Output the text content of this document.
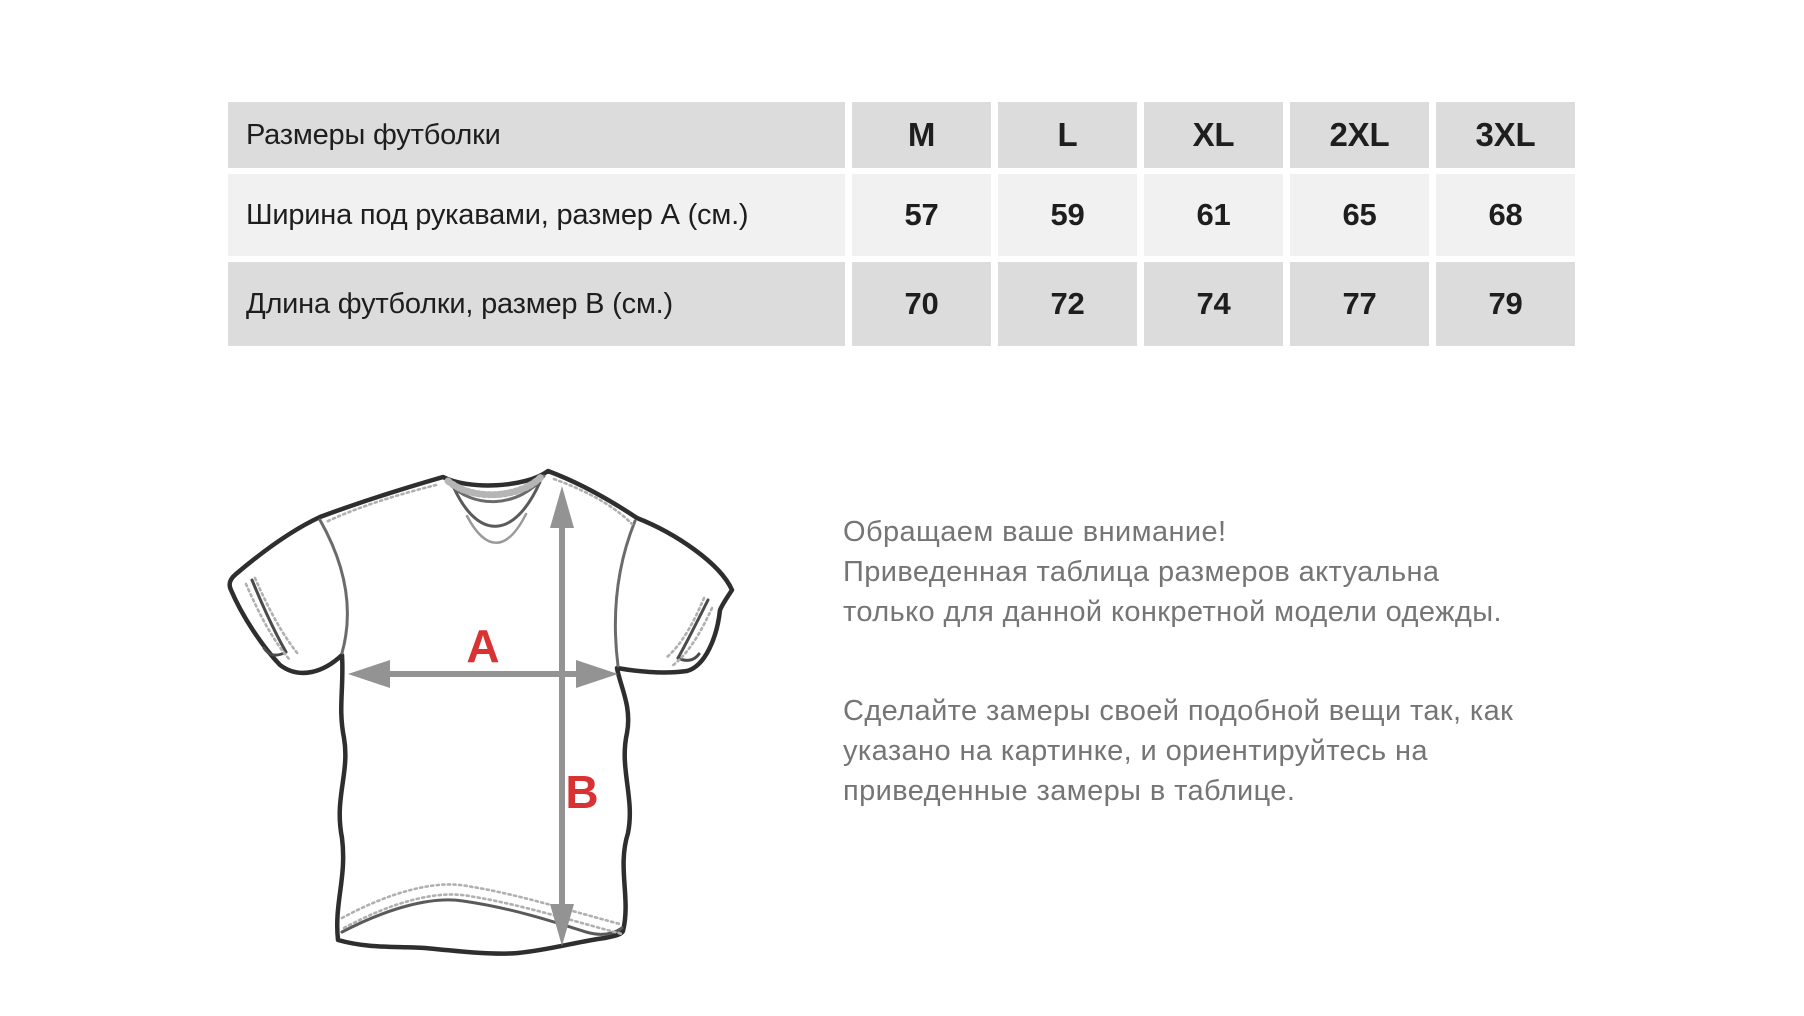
Размеры футболки	M	L	XL	2XL	3XL
Ширина под рукавами, размер А (см.)	57	59	61	65	68
Длина футболки, размер В (см.)	70	72	74	77	79
A
B
Обращаем ваше внимание!
Приведенная таблица размеров актуальна
только для данной конкретной модели одежды.
Сделайте замеры своей подобной вещи так, как
указано на картинке, и ориентируйтесь на
приведенные замеры в таблице.
